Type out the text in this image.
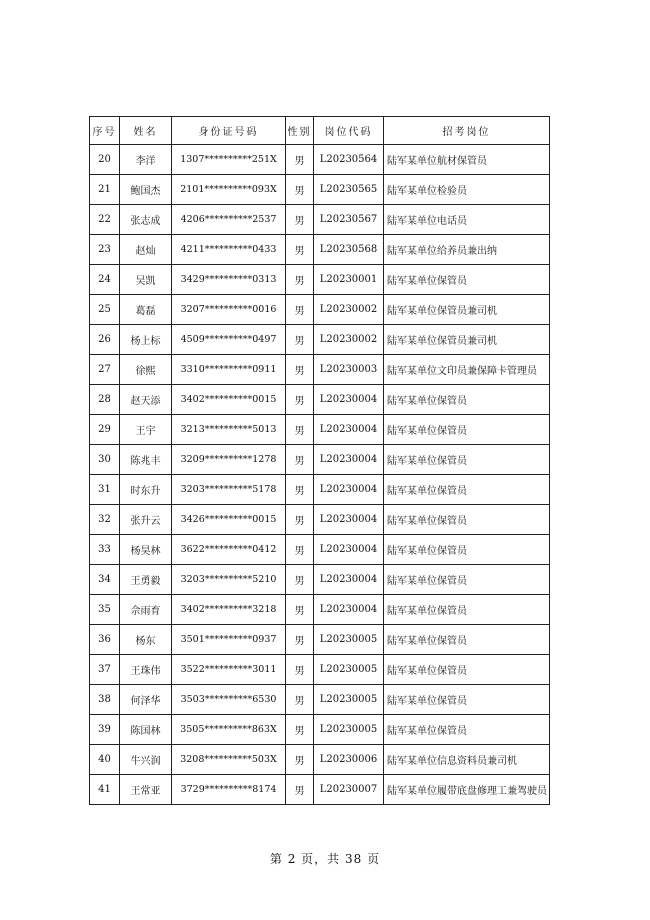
序号	姓名	身份证号码	性别	岗位代码	招考岗位
20	李洋	1307**********251X	男	L20230564	陆军某单位航材保管员
21	鲍国杰	2101**********093X	男	L20230565	陆军某单位检验员
22	张志成	4206**********2537	男	L20230567	陆军某单位电话员
23	赵灿	4211**********0433	男	L20230568	陆军某单位给养员兼出纳
24	吴凯	3429**********0313	男	L20230001	陆军某单位保管员
25	葛磊	3207**********0016	男	L20230002	陆军某单位保管员兼司机
26	杨上标	4509**********0497	男	L20230002	陆军某单位保管员兼司机
27	徐熙	3310**********0911	男	L20230003	陆军某单位文印员兼保障卡管理员
28	赵天添	3402**********0015	男	L20230004	陆军某单位保管员
29	王宇	3213**********5013	男	L20230004	陆军某单位保管员
30	陈兆丰	3209**********1278	男	L20230004	陆军某单位保管员
31	时东升	3203**********5178	男	L20230004	陆军某单位保管员
32	张升云	3426**********0015	男	L20230004	陆军某单位保管员
33	杨昊林	3622**********0412	男	L20230004	陆军某单位保管员
34	王勇毅	3203**********5210	男	L20230004	陆军某单位保管员
35	佘雨育	3402**********3218	男	L20230004	陆军某单位保管员
36	杨东	3501**********0937	男	L20230005	陆军某单位保管员
37	王珠伟	3522**********3011	男	L20230005	陆军某单位保管员
38	何泽华	3503**********6530	男	L20230005	陆军某单位保管员
39	陈国林	3505**********863X	男	L20230005	陆军某单位保管员
40	牛兴润	3208**********503X	男	L20230006	陆军某单位信息资料员兼司机
41	王常亚	3729**********8174	男	L20230007	陆军某单位履带底盘修理工兼驾驶员
第 2 页，共 38 页
